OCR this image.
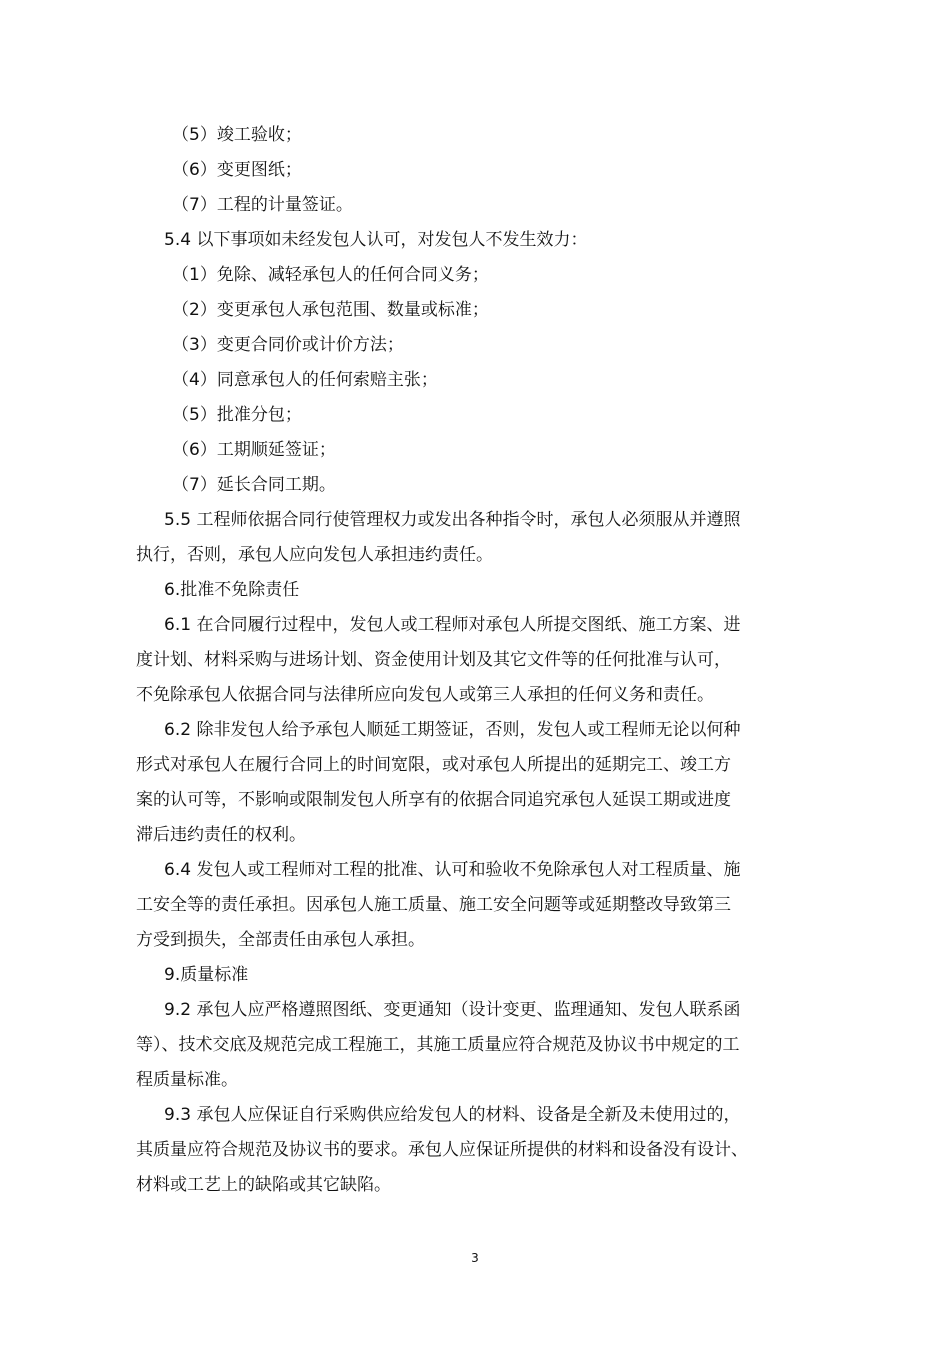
（5）竣工验收；
（6）变更图纸；
（7）工程的计量签证。
5.4 以下事项如未经发包人认可，对发包人不发生效力：
（1）免除、减轻承包人的任何合同义务；
（2）变更承包人承包范围、数量或标准；
（3）变更合同价或计价方法；
（4）同意承包人的任何索赔主张；
（5）批准分包；
（6）工期顺延签证；
（7）延长合同工期。
5.5 工程师依据合同行使管理权力或发出各种指令时，承包人必须服从并遵照
执行，否则，承包人应向发包人承担违约责任。
6.批准不免除责任
6.1 在合同履行过程中，发包人或工程师对承包人所提交图纸、施工方案、进
度计划、材料采购与进场计划、资金使用计划及其它文件等的任何批准与认可，
不免除承包人依据合同与法律所应向发包人或第三人承担的任何义务和责任。
6.2 除非发包人给予承包人顺延工期签证，否则，发包人或工程师无论以何种
形式对承包人在履行合同上的时间宽限，或对承包人所提出的延期完工、竣工方
案的认可等，不影响或限制发包人所享有的依据合同追究承包人延误工期或进度
滞后违约责任的权利。
6.4 发包人或工程师对工程的批准、认可和验收不免除承包人对工程质量、施
工安全等的责任承担。因承包人施工质量、施工安全问题等或延期整改导致第三
方受到损失，全部责任由承包人承担。
9.质量标准
9.2 承包人应严格遵照图纸、变更通知（设计变更、监理通知、发包人联系函
等）、技术交底及规范完成工程施工，其施工质量应符合规范及协议书中规定的工
程质量标准。
9.3 承包人应保证自行采购供应给发包人的材料、设备是全新及未使用过的，
其质量应符合规范及协议书的要求。承包人应保证所提供的材料和设备没有设计、
材料或工艺上的缺陷或其它缺陷。
3
